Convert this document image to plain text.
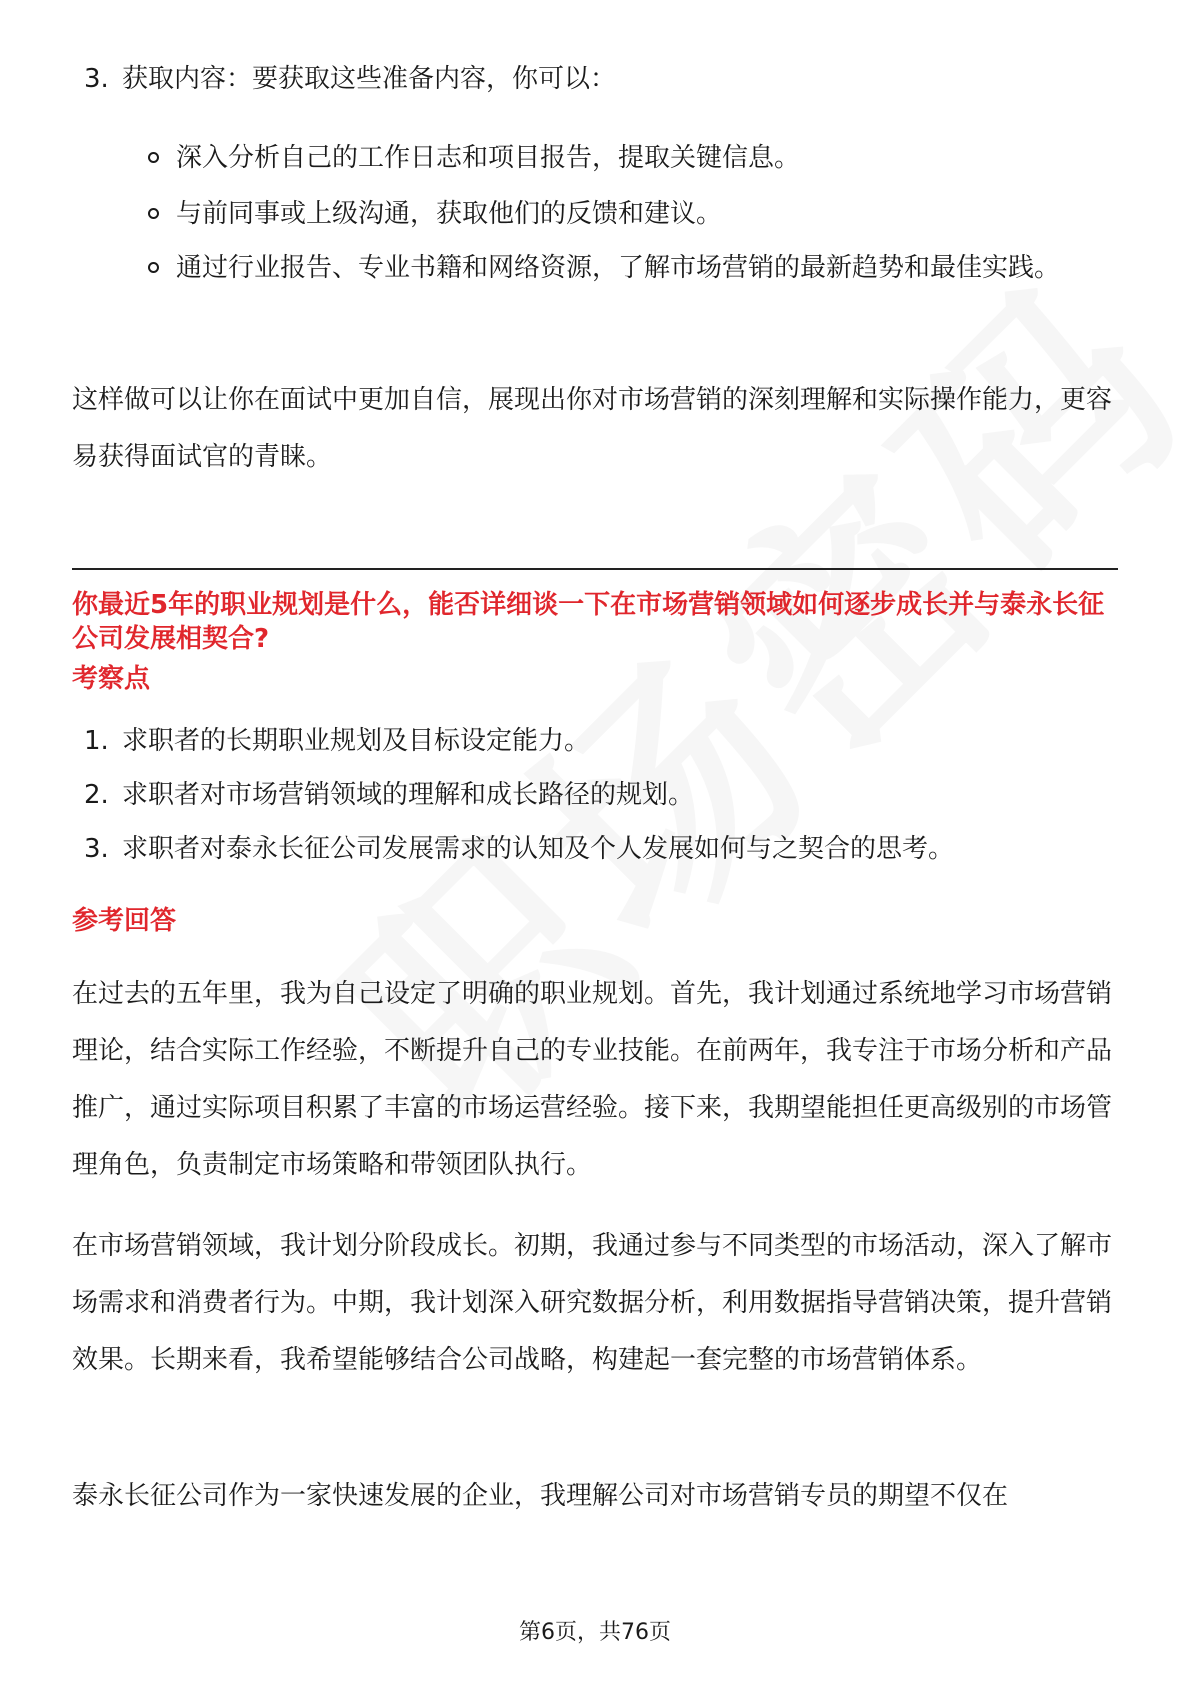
3. 获取内容：要获取这些准备内容，你可以：
深入分析自己的工作日志和项目报告，提取关键信息。
与前同事或上级沟通，获取他们的反馈和建议。
通过行业报告、专业书籍和网络资源，了解市场营销的最新趋势和最佳实践。
这样做可以让你在面试中更加自信，展现出你对市场营销的深刻理解和实际操作能力，更容易获得面试官的青睐。
你最近5年的职业规划是什么，能否详细谈一下在市场营销领域如何逐步成长并与泰永长征公司发展相契合?
考察点
1. 求职者的长期职业规划及目标设定能力。
2. 求职者对市场营销领域的理解和成长路径的规划。
3. 求职者对泰永长征公司发展需求的认知及个人发展如何与之契合的思考。
参考回答
在过去的五年里，我为自己设定了明确的职业规划。首先，我计划通过系统地学习市场营销理论，结合实际工作经验，不断提升自己的专业技能。在前两年，我专注于市场分析和产品推广，通过实际项目积累了丰富的市场运营经验。接下来，我期望能担任更高级别的市场管理角色，负责制定市场策略和带领团队执行。
在市场营销领域，我计划分阶段成长。初期，我通过参与不同类型的市场活动，深入了解市场需求和消费者行为。中期，我计划深入研究数据分析，利用数据指导营销决策，提升营销效果。长期来看，我希望能够结合公司战略，构建起一套完整的市场营销体系。
泰永长征公司作为一家快速发展的企业，我理解公司对市场营销专员的期望不仅在
第6页，共76页
